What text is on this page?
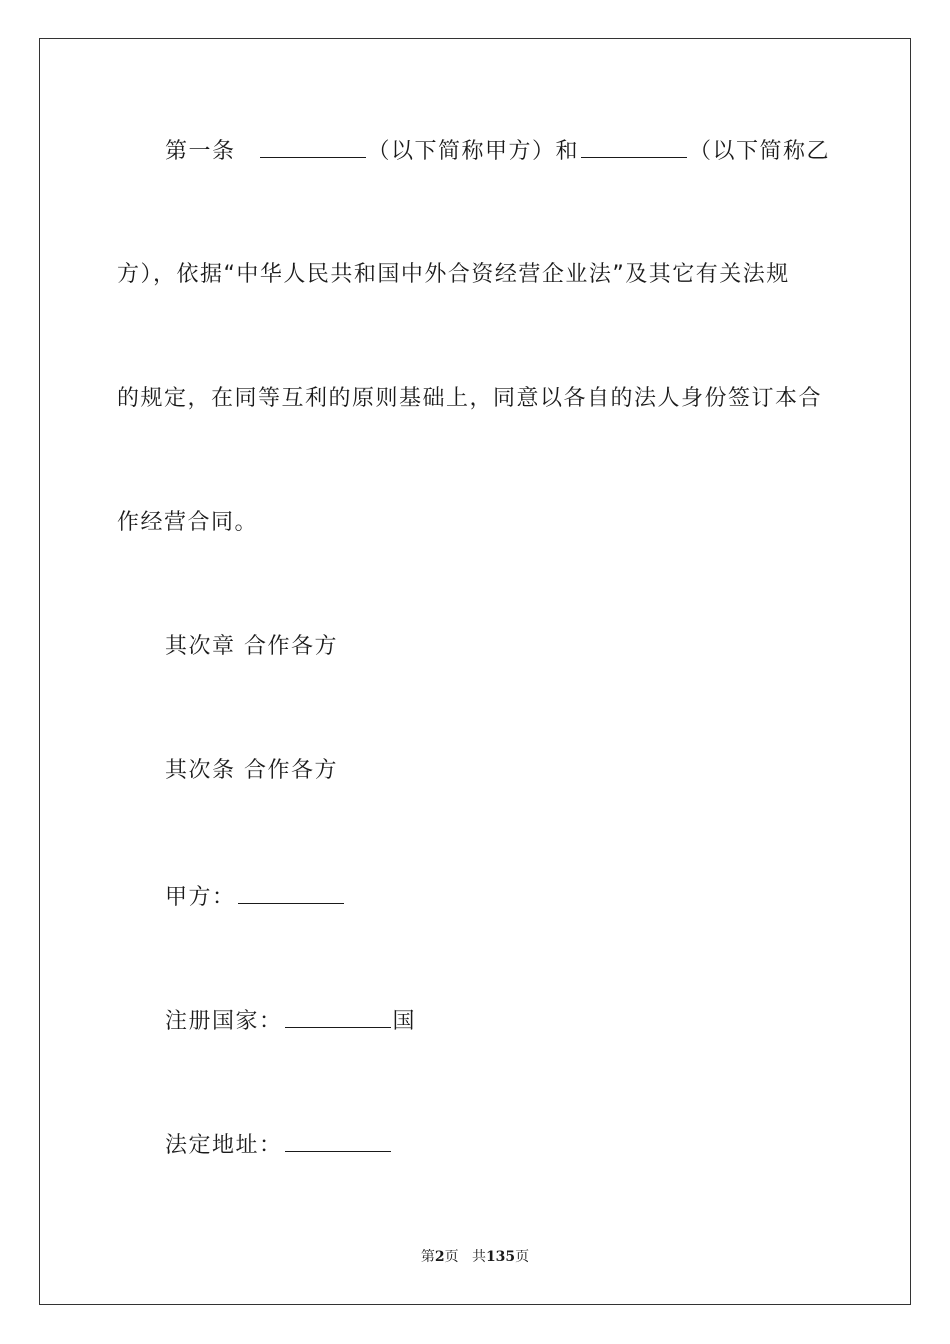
第一条	（以下简称甲方）和	（以下简称乙
方），依据“中华人民共和国中外合资经营企业法”及其它有关法规
的规定，在同等互利的原则基础上，同意以各自的法人身份签订本合
作经营合同。
其次章 合作各方
其次条 合作各方
甲方：
注册国家：	国
法定地址：
第2页 共135页
